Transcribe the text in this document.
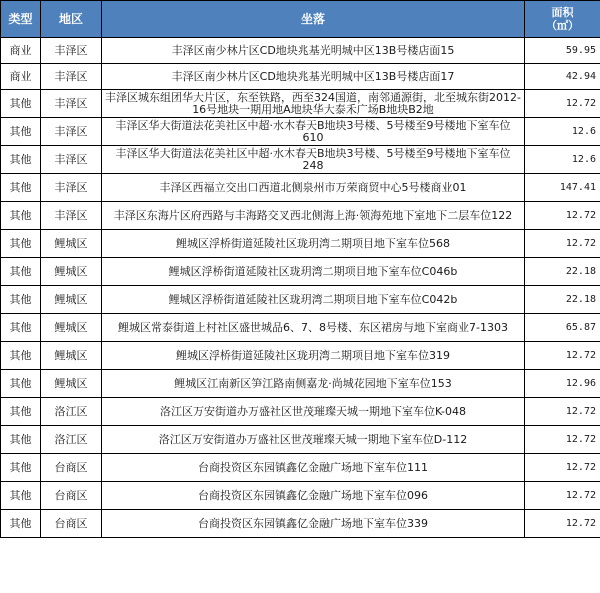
类型	地区	坐落	面积
（㎡）

商业	丰泽区	丰泽区南少林片区CD地块兆基光明城中区13B号楼店面15	59.95
商业	丰泽区	丰泽区南少林片区CD地块兆基光明城中区13B号楼店面17	42.94
其他	丰泽区	丰泽区城东组团华大片区，东至铁路，西至324国道，南邻通源街，北至城东街2012-16号地块一期用地A地块华大泰禾广场B地块B2地	12.72
其他	丰泽区	丰泽区华大街道法花美社区中超·水木春天B地块3号楼、5号楼至9号楼地下室车位610	12.6
其他	丰泽区	丰泽区华大街道法花美社区中超·水木春天B地块3号楼、5号楼至9号楼地下室车位248	12.6
其他	丰泽区	丰泽区西福立交出口西道北侧泉州市万荣商贸中心5号楼商业01	147.41
其他	丰泽区	丰泽区东海片区府西路与丰海路交叉西北侧海上海·领海苑地下室地下二层车位122	12.72
其他	鲤城区	鲤城区浮桥街道延陵社区珑玥湾二期项目地下室车位568	12.72
其他	鲤城区	鲤城区浮桥街道延陵社区珑玥湾二期项目地下室车位C046b	22.18
其他	鲤城区	鲤城区浮桥街道延陵社区珑玥湾二期项目地下室车位C042b	22.18
其他	鲤城区	鲤城区常泰街道上村社区盛世城品6、7、8号楼、东区裙房与地下室商业7-1303	65.87
其他	鲤城区	鲤城区浮桥街道延陵社区珑玥湾二期项目地下室车位319	12.72
其他	鲤城区	鲤城区江南新区笋江路南侧嘉龙·尚城花园地下室车位153	12.96
其他	洛江区	洛江区万安街道办万盛社区世茂璀璨天城一期地下室车位K-048	12.72
其他	洛江区	洛江区万安街道办万盛社区世茂璀璨天城一期地下室车位D-112	12.72
其他	台商区	台商投资区东园镇鑫亿金融广场地下室车位111	12.72
其他	台商区	台商投资区东园镇鑫亿金融广场地下室车位096	12.72
其他	台商区	台商投资区东园镇鑫亿金融广场地下室车位339	12.72
